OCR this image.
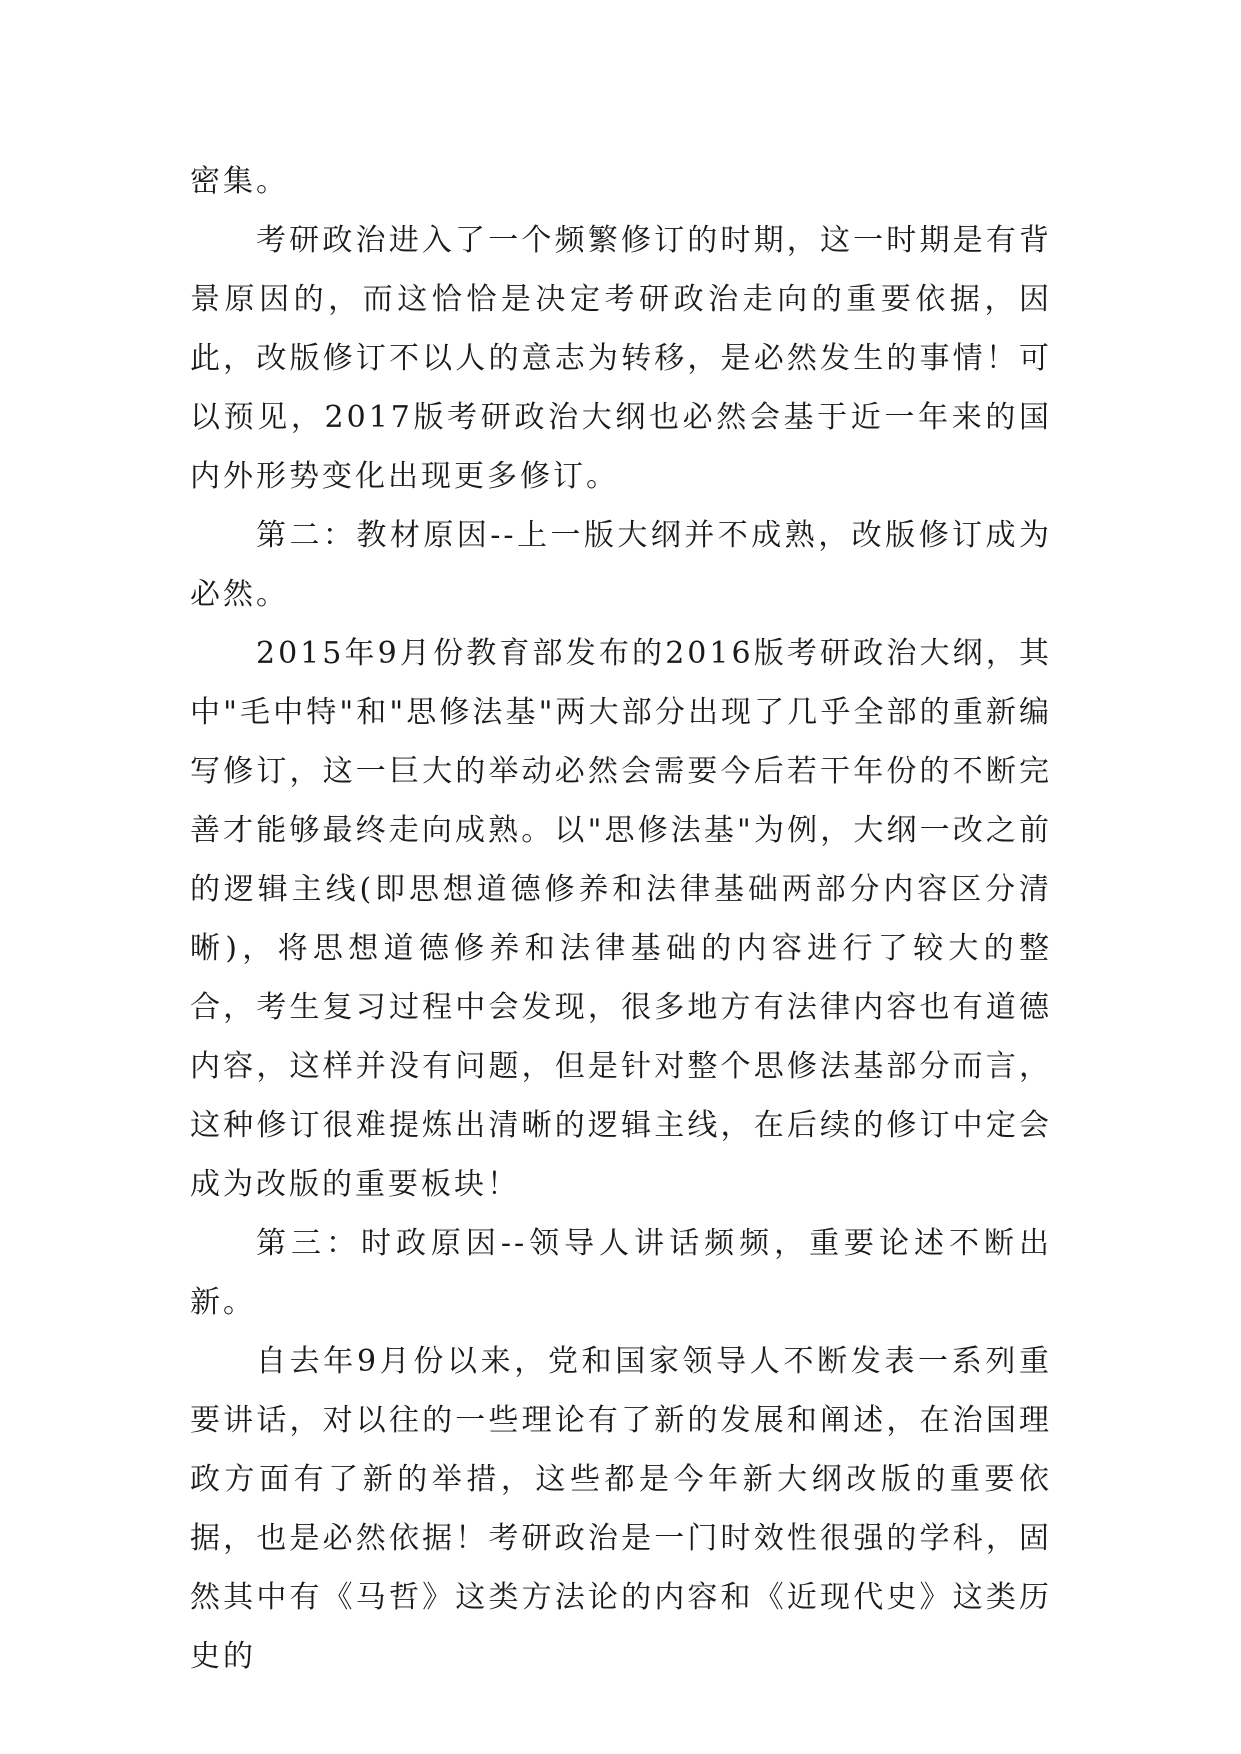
密集。

考研政治进入了一个频繁修订的时期，这一时期是有背景原因的，而这恰恰是决定考研政治走向的重要依据，因此，改版修订不以人的意志为转移，是必然发生的事情！可以预见，2017版考研政治大纲也必然会基于近一年来的国内外形势变化出现更多修订。

第二：教材原因--上一版大纲并不成熟，改版修订成为必然。

2015年9月份教育部发布的2016版考研政治大纲，其中"毛中特"和"思修法基"两大部分出现了几乎全部的重新编写修订，这一巨大的举动必然会需要今后若干年份的不断完善才能够最终走向成熟。以"思修法基"为例，大纲一改之前的逻辑主线(即思想道德修养和法律基础两部分内容区分清晰)，将思想道德修养和法律基础的内容进行了较大的整合，考生复习过程中会发现，很多地方有法律内容也有道德内容，这样并没有问题，但是针对整个思修法基部分而言，这种修订很难提炼出清晰的逻辑主线，在后续的修订中定会成为改版的重要板块！

第三：时政原因--领导人讲话频频，重要论述不断出新。

自去年9月份以来，党和国家领导人不断发表一系列重要讲话，对以往的一些理论有了新的发展和阐述，在治国理政方面有了新的举措，这些都是今年新大纲改版的重要依据，也是必然依据！考研政治是一门时效性很强的学科，固然其中有《马哲》这类方法论的内容和《近现代史》这类历史的
